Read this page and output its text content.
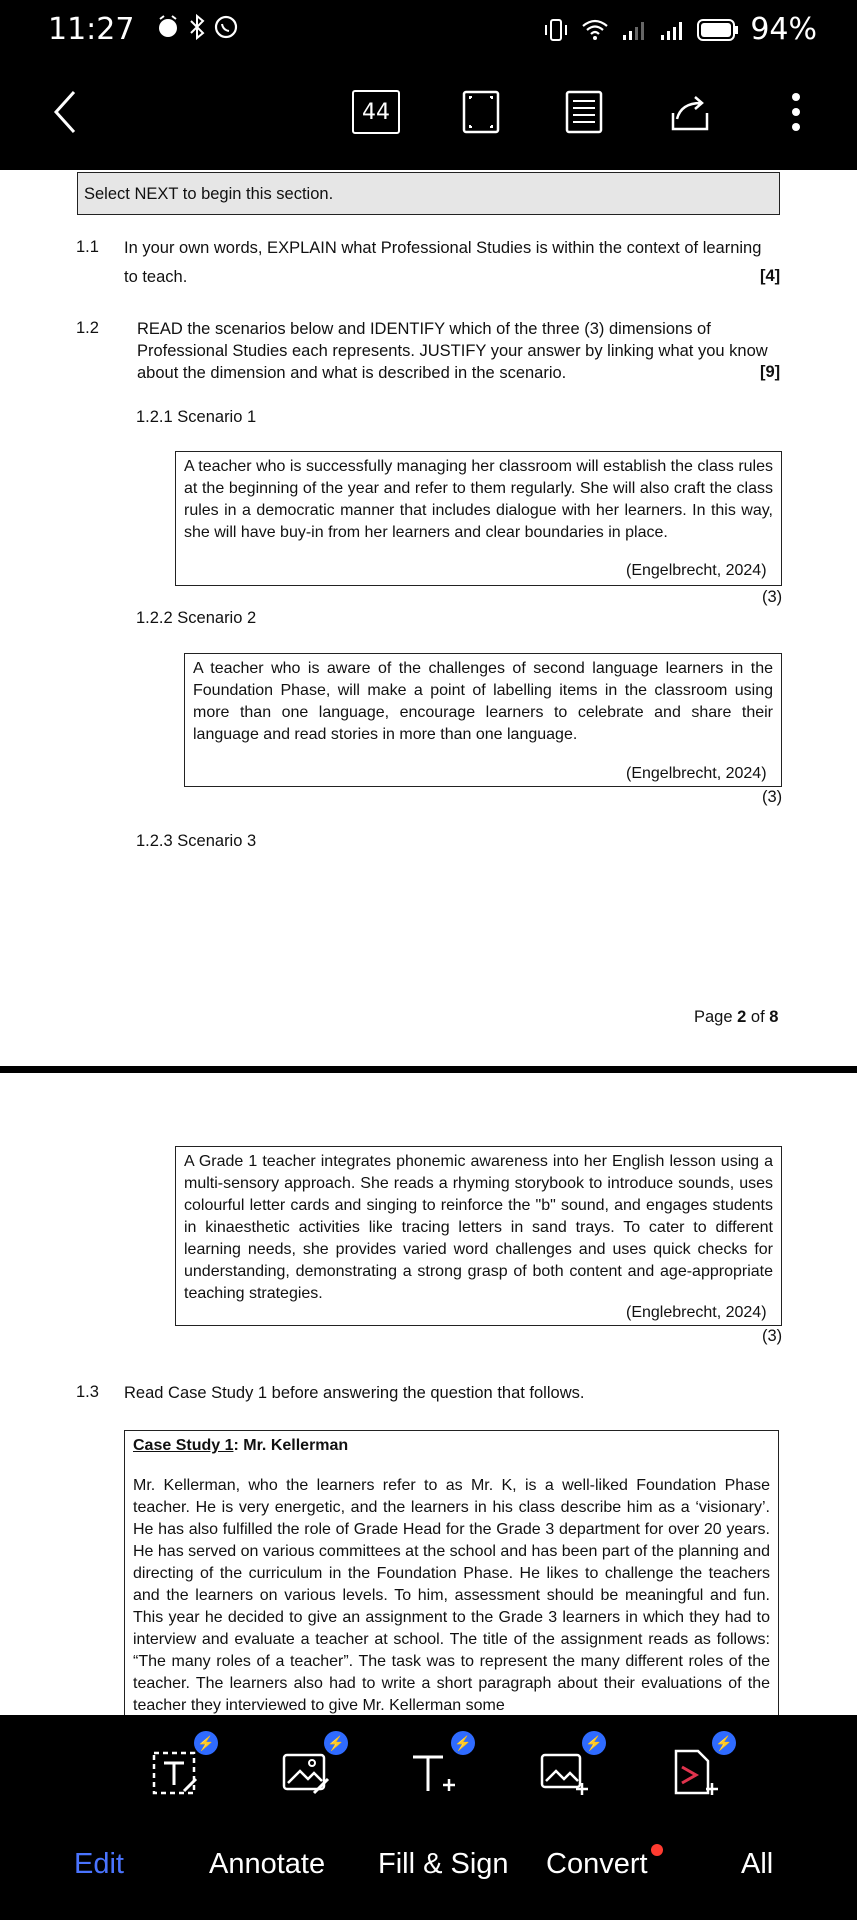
11:27	94%
44
Select NEXT to begin this section.
1.1 In your own words, EXPLAIN what Professional Studies is within the context of learning
to teach.	[4]
1.2 READ the scenarios below and IDENTIFY which of the three (3) dimensions of
Professional Studies each represents. JUSTIFY your answer by linking what you know
about the dimension and what is described in the scenario.	[9]
1.2.1 Scenario 1
A teacher who is successfully managing her classroom will establish the class rules at the beginning of the year and refer to them regularly. She will also craft the class rules in a democratic manner that includes dialogue with her learners. In this way, she will have buy-in from her learners and clear boundaries in place.
(Engelbrecht, 2024)
(3)
1.2.2 Scenario 2
A teacher who is aware of the challenges of second language learners in the Foundation Phase, will make a point of labelling items in the classroom using more than one language, encourage learners to celebrate and share their language and read stories in more than one language.
(Engelbrecht, 2024)
(3)
1.2.3 Scenario 3
Page 2 of 8
A Grade 1 teacher integrates phonemic awareness into her English lesson using a multi-sensory approach. She reads a rhyming storybook to introduce sounds, uses colourful letter cards and singing to reinforce the "b" sound, and engages students in kinaesthetic activities like tracing letters in sand trays. To cater to different learning needs, she provides varied word challenges and uses quick checks for understanding, demonstrating a strong grasp of both content and age-appropriate teaching strategies.
(Englebrecht, 2024)
(3)
1.3 Read Case Study 1 before answering the question that follows.
Case Study 1: Mr. Kellerman
Mr. Kellerman, who the learners refer to as Mr. K, is a well-liked Foundation Phase teacher. He is very energetic, and the learners in his class describe him as a ‘visionary’. He has also fulfilled the role of Grade Head for the Grade 3 department for over 20 years. He has served on various committees at the school and has been part of the planning and directing of the curriculum in the Foundation Phase. He likes to challenge the teachers and the learners on various levels. To him, assessment should be meaningful and fun. This year he decided to give an assignment to the Grade 3 learners in which they had to interview and evaluate a teacher at school. The title of the assignment reads as follows: “The many roles of a teacher”. The task was to represent the many different roles of the teacher. The learners also had to write a short paragraph about their evaluations of the teacher they interviewed to give Mr. Kellerman some
⚡	⚡	⚡	⚡	⚡
Edit	Annotate Fill & Sign Convert	All
